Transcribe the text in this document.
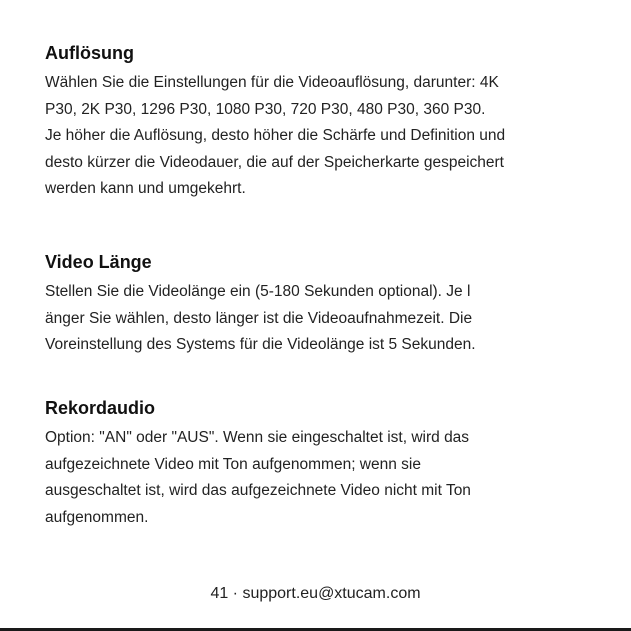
Auflösung
Wählen Sie die Einstellungen für die Videoauflösung, darunter: 4K
P30, 2K P30, 1296 P30, 1080 P30, 720 P30, 480 P30, 360 P30.
Je höher die Auflösung, desto höher die Schärfe und Definition und
desto kürzer die Videodauer, die auf der Speicherkarte gespeichert
werden kann und umgekehrt.
Video Länge
Stellen Sie die Videolänge ein (5-180 Sekunden optional). Je l
änger Sie wählen, desto länger ist die Videoaufnahmezeit. Die
Voreinstellung des Systems für die Videolänge ist 5 Sekunden.
Rekordaudio
Option: "AN" oder "AUS". Wenn sie eingeschaltet ist, wird das
aufgezeichnete Video mit Ton aufgenommen; wenn sie
ausgeschaltet ist, wird das aufgezeichnete Video nicht mit Ton
aufgenommen.
41 · support.eu@xtucam.com
